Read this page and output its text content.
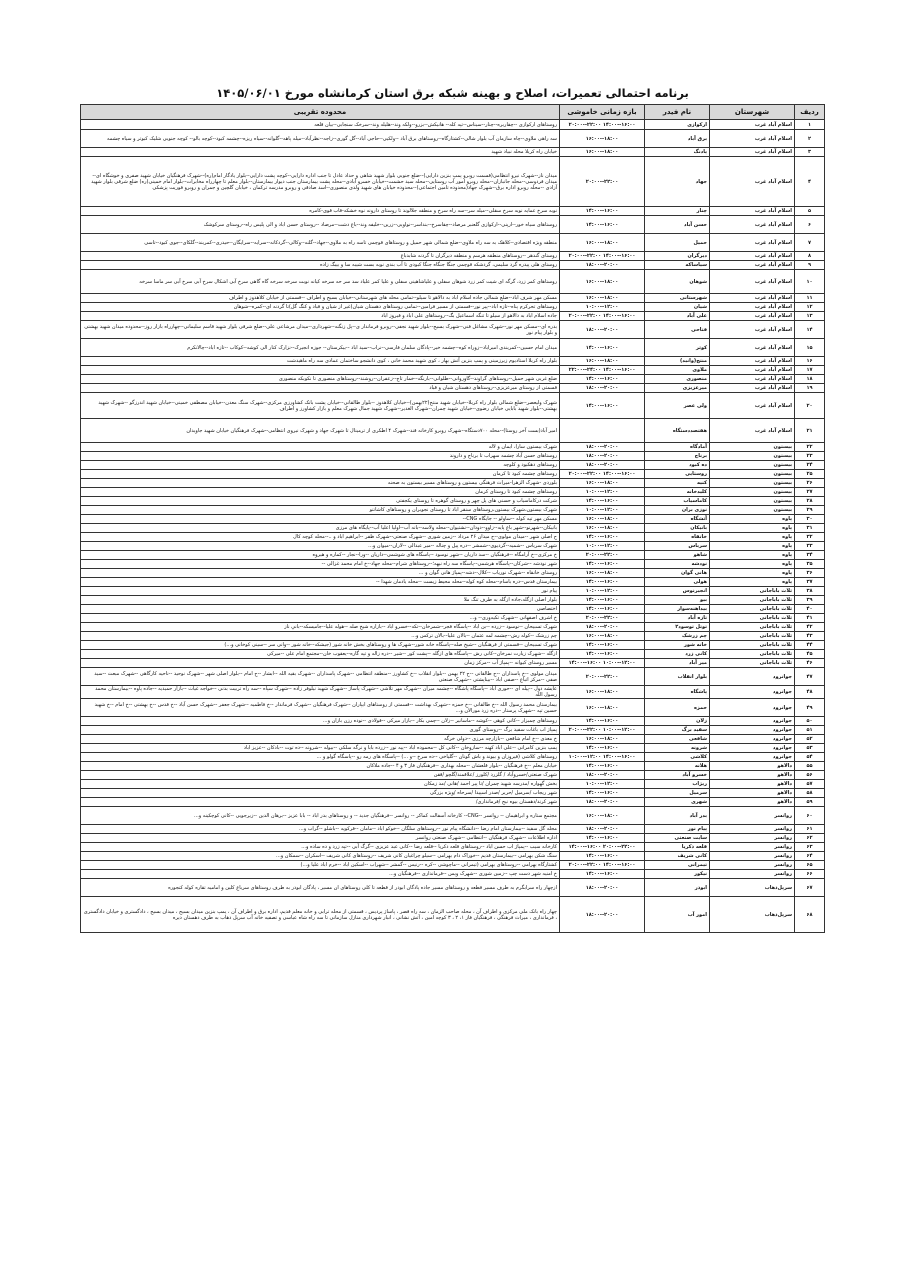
برنامه احتمالی تعمیرات، اصلاح و بهینه شبکه برق استان کرمانشاه مورخ ۱۴۰۵/۰۶/۰۱
ردیف	شهرستان	نام فیدر	بازه زمانی خاموشی	محدوده تقریبی
۱	اسلام آباد غرب	ارکوازی	۲۰:۰۰--۲۲:۰۰ ۱۴:۰۰--۱۶:۰۰	روستاهای ارکوازی --چقاربره--چنار--سیناس--تپه کله-- هانیکش--بزرو--ولکه وند--هلیله وند--سرخک سنجابی--بیان قلعه
۲	اسلام آباد غرب	برق آباد	۱۶:۰۰--۱۸:۰۰	سه راهی ملاوی--چاه سازمان آب بلوار شالی--کشتارگاه--روستاهای برق آباد --ولکیی--حاجی آباد--گل گوری--زاجه--نظرآباد--میله پاهه--گلوانه--سیاه ریزه--چشمه کبود--کوچه بالو-- کوچه جنوبی شلیک کبوتر و سیاه چشمه
۳	اسلام آباد غرب	پادنگ	۱۶:۰۰--۱۸:۰۰	خیابان راه کربلا محله نبیاد شهید
۴	اسلام آباد غرب	جهاد	۲۰:۰۰--۲۲:۰۰	میدان ناز--شهرک نیرو انتظامی(قسمت روبرو پمپ بنزین دارایی)--ضلع جنوبی بلوار شهید شاهی و حداد عادل تا جنب اداره دارایی--کوچه پشت دارایی--بلوار یادگار امام(ره)--شهرک فرهنگیان خیابان شهید صفری و خوشگاه ای--میدان فردوسی--محله جانبازان--محله روبرو امور آب روستایی--محله سید حشمت--خیابان خسرو آبادی--محله پشت بیمارستان جنب دیوار بیمارستان--بلوار معلم تا چهارراه مخابرات--بلوار امام خمینی(ره) ضلع شرقی بلوار شهید آزادی --محله روبرو اداره برق--شهرک جهاد(محدوده تامین اجتماعی)--محدوده خیابان های شهید ولدی منصوری--اسد صادقی و روبرو مدرسه ترکمان ، خیابان گلچین و جمران و روبرو فوریت پزشکی
۵	اسلام آباد غرب	چنار	۱۴:۰۰--۱۶:۰۰	نوبه سرخ عمایه نوبه سرخ سقلی--میله سر--سه راه سرخ و منطقه جلالوند تا روستای دارونه نوه خشکه-قاب قوی-کامره
۶	اسلام آباد غرب	حسن آباد	۱۴:۰۰--۱۶:۰۰	روستاهای سیاه خور--ارپنی--ارکوازی گلعنبر مرصاد--چقاسرخ--بنداسر--نواویی--زرین--خلیفه وند--باغ دشت--مرصاد --روستای حسن اباد و الی پلیس راه--روستای سرکوشک
۷	اسلام آباد غرب	حمیل	۱۶:۰۰--۱۸:۰۰	منطقه ویژه اقتصادی--کلاهک به سه راه ملاوی--ضلع شمالی شهر حمیل و روستاهای قوچمی تاسه راه به ملاوی--جهاد--گلنه--وکالی--گردکانه--سرایه--سرایگان--حیدری--کمربند--گلکای--جوی کبود--تاسی
۸	اسلام آباد غرب	دیرگران	۲۰:۰۰--۲۲:۰۰ ۱۴:۰۰--۱۶:۰۰	روستای گندهر --روستاهای منطقه هرسم و منطقه دیرگران تا گردنه شابدباغ
۹	اسلام آباد غرب	سیاساکه	۱۸:۰۰--۲۰:۰۰	روستای هلی پیدره گرد سلیمی، گردشکه قوچمی جنگا جنگاه جنگا کبودی تا آب بندی نوبه بست شیبه سا و بیبگ زاده
۱۰	اسلام آباد غرب	شوهان	۱۶:۰۰--۱۸:۰۰	روستاهای کمر زرد، گرگه ای شیت کمر زرد شوهان سفلی و علیاشاهینی سفلی و علیا کمر علیاد سد سر حه سرخه کیانه نوبت سرخه سرخه گاه گاهی سرخ آبی اشکال سرخ آبی سرخ آبی سر ماسا سرخه
۱۱	اسلام آباد غرب	شهرستانی	۱۶:۰۰--۱۸:۰۰	مسکن مهر شرف اباد--ضلع شمالی جاده اسلام اباد به دالاهو تا سیلو--تمامی محله های شهرستانی--خیابان بسیج و اطراف --قسمتی از خیابان کلاهدوز و اطراف
۱۲	اسلام آباد غرب	شیان	۱۰:۰۰--۱۲:۰۰	روستاهای تحرکرم پناه--تازه اباد--پیر نور--قسمتی از مسیر فرامین--تمامی روستاهای دهستان شیان(غیر از شیان و قباد و کنگ گل)تا گردنه ای--کمره--شوهان
۱۳	اسلام آباد غرب	علی آباد	۲۰:۰۰--۲۲:۰۰ ۱۴:۰۰--۱۶:۰۰	جاده اسلام اباد به دالاهو از سیلو تا تنگه اسماعیل بگ--روستاهای علی اباد و فیروز اباد
۱۴	اسلام آباد غرب	فتاحی	۱۸:۰۰--۲۰:۰۰	بدره ای--مسکن مهر نور--شهرک مشاغل فنی--شهرک بسیج--بلوار شهید نجفی--روبرو فرماندار ی--پل زنگنه--شهرداری--میدان مرشاعی علی--ضلع شرقی بلوار شهید قاسم سلیمانی--چهارراه بازار روز--محدوده میدان شهید بهشتی و بلوار پیام نور
۱۵	اسلام آباد غرب	کوثر	۱۴:۰۰--۱۶:۰۰	میدان امام حسین--کمربندی امیراباد--زوراه کوه--چشمه خیر--پادگان سلمان فارسی--نراب--سید اباذ --بیکرستان-- جوزه انجیرک--نزارک کنار الی کوشه--کوکاب --تازه اباد--چالانکرم
۱۶	اسلام آباد غرب	منتج(وانید)	۱۶:۰۰--۱۸:۰۰	بلوار راه کربلا استادیوم زیرزمینی و پمپ بنزین آتش بهار ، کوی شهید محمد خانی ، کوی دانشجو ساختمان عمادی سه راه ماهیدشت
۱۷	اسلام آباد غرب	ملاوی	۲۲:۰۰--۲۴:۰۰ ۱۴:۰۰--۱۶:۰۰	
۱۸	اسلام آباد غرب	منصوری	۱۴:۰۰--۱۶:۰۰	ضلع غربی شهر حمیل--روستاهای گراوند--گاوروانی--طلوانی--بارنگه--خمار تاج--زعفران--روشند--روستاهای منصوری تا نکوبکه منصوری
۱۹	اسلام آباد غرب	میرعزیزی	۱۸:۰۰--۲۰:۰۰	قسمتی از روستای میرعزیزی--روستاهای دهستان شیان و قباد
۲۰	اسلام آباد غرب	ولی عصر	۱۴:۰۰--۱۶:۰۰	شهرک ولیعصر--ضلع شمالی بلوار راه کربلا--خیابان شهید منتج(۲۲بهمن)--خیابان کلاهدوز --بلوار طالقانی--خیابان پشت بانک کشاورزی مرکزی--شهرک سنگ معدن--خیابان مصطفی خمینی--خیابان شهید اندرزگو --شهرک شهید بهشتی--بلوار شهید بابایی خیابان رضوی--خیابان شهید چمران--شهرک الغدیر--شهرک شهید جمال شهرک معلم و بازار کشاورز و اطراف
۲۱	اسلام آباد غرب	هفتصددستگاه		امیر آباد(بست آخر روستا)--محله ۷۰۰دستگاه--شهرک روبرو کارخانه قند--شهرک ۴ اطکری از ترمینال تا شهرک جهاد و شهرک نیروی انتظامی--شهرک فرهنگیان خیابان شهید جاویدان
۲۲	بیستون	آمادگاه	۱۸:۰۰--۲۰:۰۰	شهرک بیستون سارا، ایمان و لاله
۲۳	بیستون	برناج	۱۸:۰۰--۲۰:۰۰	روستاهای حسن آباد چشمه سهراب تا برناج و داروند
۲۴	بیستون	ده کبود	۱۸:۰۰--۲۰:۰۰	روستاهای دهکبود و کلوچه
۲۵	بیستون	روستایی	۲۰:۰۰--۲۲:۰۰ ۱۴:۰۰--۱۶:۰۰	روستاهای چشمه کبود تا کرمان
۲۶	بیستون	کنیه	۱۶:۰۰--۱۸:۰۰	بلوردی -شهرک الزهرا-میراث فرهنگی بیستون و روستاهای مسیر بیستون به صحنه
۲۷	بیستون	کلیدخانه	۱۰:۰۰--۱۲:۰۰	روستاهای چشمه کبود تا روستای کرمان
۲۸	بیستون	کاماسیاب	۱۴:۰۰--۱۶:۰۰	شرکت درکاماسیاب و حسنی های پل چهر و روستای گوهره تا روستای یکجفتی
۲۹	بیستون	نوزی بران	۱۰:۰۰--۱۲:۰۰	شهرک بیستون،شهرک بیستون،روستاهای سنقر اباد تا روستای نجوبران و روستاهای کاشانتو
۳۰	پاوه	آتشگاه	۱۶:۰۰--۱۸:۰۰	مسکن مهر تپه کوله --ساولو -- جایگاه CNG--
۳۱	پاوه	بانیکان	۱۶:۰۰--۱۸:۰۰	بانیکان--شهرنو--شهر باغ پایه--زاوو--دودان--نشتیوان--محله ولاسه--بانه آب--اولیا اعلیا آب--پایگاه های مرزی
۳۲	پاوه	خانقاه	۱۴:۰۰--۱۶:۰۰	ح اصلی شهر --میدان مولوی--ح میدان ۲۶ مرداد --زمین شوری --شهرک صنعتی--شهرک ظفر --ابراهیم اباد و ..--محله کوچه کال
۳۳	پاوه	سرباس	۱۰:۰۰--۱۲:۰۰	شهرک سرباس --شمیه--گردیوی--شمشر --دره پیل و چناله --میر عبدالی --لاران--میوان و...
۳۴	پاوه	شاهو	۲۰:۰۰--۲۲:۰۰	خ مرکزی--خ آرامگاه --فرهنگیان --سد داریان --شهر نوسود --پاسگاه های شوشمی--داریان --ورا--نجار --کماره و هیروه
۳۵	پاوه	نودشه	۱۴:۰۰--۱۶:۰۰	شهر نودشه --شرکان--پاسگاه هرشمی--پاسگاه سه راه نیهه؛--روستاهای شرام--محله جهاد--خ امام محمد غزالی --
۳۶	پاوه	هانی گوان	۱۶:۰۰--۱۸:۰۰	روستای خانقاه --شهرک نوریاب --کلال--دشه--پمپاژ هانی گوان و ...
۳۷	پاوه	هولی	۱۴:۰۰--۱۶:۰۰	بیمارستان قدس--دره باسام--محله کوه کوله--محله محیط زیست --محله یادمان شهدا --
۳۸	ثلاث باباجانی	انجیرنوس	۱۰:۰۰--۱۲:۰۰	پیام نور
۳۹	ثلاث باباجانی	بیو	۱۴:۰۰--۱۶:۰۰	بلوار اصلی ازگله،جاده ازگله به طرف تنگ ملا
۴۰	ثلاث باباجانی	بیداهنه‌سوار	۱۴:۰۰--۱۶:۰۰	اختصاصی
۴۱	ثلاث باباجانی	تازه آباد	۲۰:۰۰--۲۲:۰۰	خ اشرف اصفهانی --شهرک تکیه‌وری-- و...
۴۲	ثلاث باباجانی	توتل توسود۲	۱۸:۰۰--۲۰:۰۰	شهرک تسبیحان --نوسود --زرده --بن اباد --پاسگاه فجر--شمرخان--تکه--خسرو اباد --بازاره شیخ صله --هوله عليا--جامیسکه--باني ناز
۴۳	ثلاث باباجانی	چم زرشک	۱۶:۰۰--۱۸:۰۰	چم زرشک --کوله رش--چشمه لمه عثمان --بالان عليا--بالان ترکس و...
۴۴	ثلاث باباجانی	خانه شور	۱۴:۰۰--۱۶:۰۰	شهرک تسبیحان --قسمتی از فرهنگیان --شیخ صله--پاسگاه خانه شور--شهرک ها و روستاهای بخش خانه شور (جیشکه--خانه شور --وانی سر --سینی کوخانی و...)
۴۵	ثلاث باباجانی	کانی زرد	۱۴:۰۰--۱۶:۰۰	ازگله --شهرک زیارت نمرخان--کانی رش --پاسگاه های ازگله --پشت کور --شیر --دره زاله و تپه گاره--یعقوب خان--مجتمع امام علی --میرکی
۴۶	ثلاث باباجانی	میر آباد	۱۴:۰۰--۱۶:۰۰ ۱۰:۰۰--۱۲:۰۰	مسیر روستای کیوانه --پمپاژ آب --مرکز زمان
۴۷	جوانرود	بلوار انقلاب	۲۰:۰۰--۲۲:۰۰	میدان مولوی --خ پاسداران --ح طالقانی --ح ۲۲ بهمن --بلوار انقلاب --خ کشاورز --منطقه انتظامی --شهرک پاسداران --شهرک بقیه الله --ابشار --ح امام --بلوار اصلی شهر --شهرک نوحید --ناحیه کارگاهی --شهرک مبعث --سید صفی --مرکز اتباع --صفی اباد --بیناپشتی --شهرک صنعتی
۴۸	جوانرود	پاشگاه	۱۶:۰۰--۱۸:۰۰	عایشه دول --پیله ای --حوری اباد --پاسگاه پاشگاه --چشمه میران --شهرک مهر تلاشی --شهرک پاساژ --شهرک شهید نیلوفر زاده --شهرک سپاه --سه راه تربیت بدنی --خواجه غیاث --بازار حمیدیه --جاده پاوه --بیمارستان محمد رسول الله
۴۹	جوانرود	حمزه	۱۶:۰۰--۱۸:۰۰	بیمارستان محمد رسول الله --خ طالقانی --خ حمزه --شهرک بهداشت --قسمتی از روستاهای ابپاران --شهرک فرهنگیان --شهرک فرماندار --خ فاطمیه --شهرک جعفر --شهرک حسن آباد --خ قدس --خ بهشتی --خ امام --خ شهید حسین تپه --شهرک پرستار --دره زرد مورالان و...
۵۰	جوانرود	زلان	۱۴:۰۰--۱۶:۰۰	روستاهای چمبزار --کانی کوهی --کوشه --ماسانیر --زلان --چمی بکار --بازار میرکی --فولادی --نوده رزن بازان و...
۵۱	جوانرود	سفید برگ	۲۰:۰۰--۲۲:۰۰ ۱۰:۰۰--۱۲:۰۰	پمپاژ اب باغات سفید برگ --روستای گوری
۵۲	جوانرود	شافعی	۱۶:۰۰--۱۸:۰۰	خ معدی --خ امام شافعی --بازارچه مرزی --دولی خرگه
۵۳	جوانرود	شرونه	۱۴:۰۰--۱۶:۰۰	پمپ بنزین کامرانی --علی اباد کهنه --سازوخان --کانی کل --محموده اباد --پیه نور --زرده بابا و نرگه سلکی --بیوله --شرونه --ده توت --بادکان --عزیز اباد
۵۴	جوانرود	کلاشی	۱۰:۰۰--۱۲:۰۰ ۱۴:۰۰--۱۶:۰۰	روستاهای کلاشی (فیروزان و بیوند و باش گونان --گلیاخی --ده سرخ --و ...) --پاسگاه های رمه رو --پاسگاه گولو و ...
۵۵	دالاهو	هلانه	۱۴:۰۰--۱۶:۰۰	خیابان معلم --خ فرهنگیان --بلوار قلعشان --محله بهداری --فرهنگیان فاز ۳ و ۴ --جاده ملاکان
۵۶	دالاهو	خسرو آباد	۱۸:۰۰--۲۰:۰۰	شهرک صنعتی/خسروآباد / گلزرد /کلورز /علاقمند/گلچو /ققن
۵۷	دالاهو	ریژاب	۱۰:۰۰--۱۲:۰۰	بخش گهواره /مدرسه شهید چمران /تا پیر احمد /هانی /مد زمکان
۵۸	دالاهو	سرمیل	۱۴:۰۰--۱۶:۰۰	شهر ریجاب /سرمیل /حریر /صدر اسپیدا /سرحاه /ویژه بزرگی
۵۹	دالاهو	شهری	۱۸:۰۰--۲۰:۰۰	شهر کرند/دهستان بیوه نیج /فرمانداری/
۶۰	روانسر	بدر آباد	۱۶:۰۰--۱۸:۰۰	مجتمع ستاره و ابراهیمان -- روانسر --CNG-- کارخانه آسفالت کماکر -- روانسر --فرهنگیان جدید -- و روستاهای بدر اباد -- بابا عزیز --برهان الدین --زیرجویی --کانی کوچکینه و...
۶۱	روانسر	پیام نور	۱۸:۰۰--۲۰:۰۰	محله گل سفید --بیمارستان امام رضا --دانشگاه پیام نور --روستاهای سلگان --خوکو اباد --مامان --فرکوپه --باشلو --گراب و...
۶۲	روانسر	سایت صنعتی	۱۴:۰۰--۱۶:۰۰	اداره اطلاعات --شهرک فرهنگیان --انتظامی --شهرک صنعتی روانسر
۶۳	روانسر	قلعه ذکریا	۱۴:۰۰--۱۶:۰۰ ۲۰:۰۰--۲۲:۰۰	کارخانه سیب --پمپاژ اب حسن اباد --روستاهای قلعه ذکریا --قلعه رضا --کانی عبد عزیزی --گرگ آبی --تپه زرد و ده ساده و...
۶۴	روانسر	کانی شریف	۱۴:۰۰--۱۶:۰۰	سنگ شکن بهرامی --بیمارستان قدیم --خوراک دام بهرامی --سیلو چراغیان کانی شریف --روستاهای کانی شریف --اسکران --سمکان و...
۶۵	روانسر	تیمرانی	۲۰:۰۰--۲۲:۰۰ ۱۴:۰۰--۱۶:۰۰	کشتارگاه بهرامی --روستاهای بهرامی (تیمرانی --ماچوشی --کره --رنیس --گمشر --شهراب --اسکین اباد --خرم اباد عليا و...)
۶۶	روانسر	نیکور	۱۴:۰۰--۱۶:۰۰	خ امنیه شهر دست چپ --زمین شوری --شهرک ویس --فرمانداری --فرهنگیان و...
۶۷	سرپل‌ذهاب	ابوذر	۱۸:۰۰--۲۰:۰۰	ازچهار راه سرابگرم به طرف مسیر قطعه و روستاهای مسیر جاده پادگان ابوذر از قطعه تا کلی روستاهای ان مسیر ، پادگان ابوذر به طرف روستاهای سرباغ کلین و امامیه تقاره کوله کنجوره
۶۸	سرپل‌ذهاب	امور آب	۱۸:۰۰--۲۰:۰۰	چهار راه بانک ملی مرکزی و اطراف آن ، محله صاحب الزمان ، سه راه قصر ، پاساژ پردیس ، قسمتی از محله ترابی و خانه معلم قدیم، اداره برق و اطراف آن ، پمپ بنزین میدان بسیج ، میدان بسیج ، دادگستری و خیابان دادگستری ، فرمانداری ، میراث فرهنگی ، فرهنگیان فاز ۱، ۲ ، ۳ کوچه امین ، آتش نشانی ، انبار شهرداری منازل سازمانی تا سه راه شاه عباسی و تصفیه خانه آب سرپل ذهاب به طرف دهستان دیره
